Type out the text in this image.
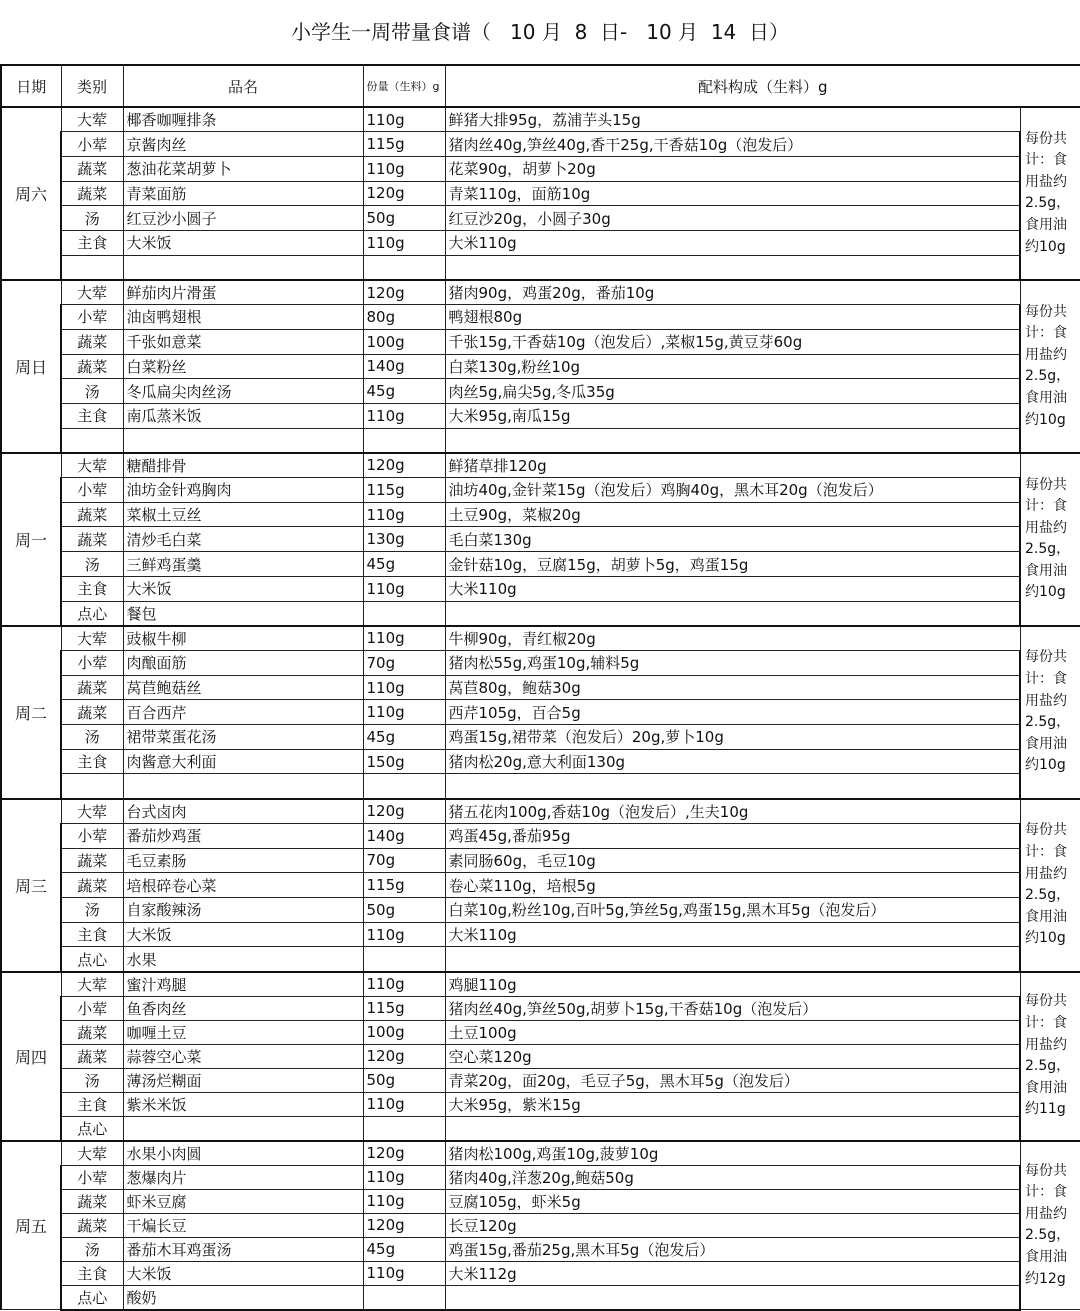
小学生一周带量食谱（   10 月  8  日-   10 月  14  日）
日期	类别	品名	份量（生料）g	配料构成（生料）g	
周六	大荤	椰香咖喱排条	110g	鲜猪大排95g，荔浦芋头15g	每份共计：食用盐约2.5g，食用油约10g
	小荤	京酱肉丝	115g	猪肉丝40g,笋丝40g,香干25g,干香菇10g（泡发后）	
	蔬菜	葱油花菜胡萝卜	110g	花菜90g，胡萝卜20g	
	蔬菜	青菜面筋	120g	青菜110g，面筋10g	
	汤	红豆沙小圆子	50g	红豆沙20g，小圆子30g	
	主食	大米饭	110g	大米110g	

周日	大荤	鲜茄肉片滑蛋	120g	猪肉90g，鸡蛋20g，番茄10g	每份共计：食用盐约2.5g，食用油约10g
	小荤	油卤鸭翅根	80g	鸭翅根80g	
	蔬菜	千张如意菜	100g	千张15g,干香菇10g（泡发后）,菜椒15g,黄豆芽60g	
	蔬菜	白菜粉丝	140g	白菜130g,粉丝10g	
	汤	冬瓜扁尖肉丝汤	45g	肉丝5g,扁尖5g,冬瓜35g	
	主食	南瓜蒸米饭	110g	大米95g,南瓜15g	

周一	大荤	糖醋排骨	120g	鲜猪草排120g	每份共计：食用盐约2.5g，食用油约10g
	小荤	油坊金针鸡胸肉	115g	油坊40g,金针菜15g（泡发后）鸡胸40g，黑木耳20g（泡发后）	
	蔬菜	菜椒土豆丝	110g	土豆90g，菜椒20g	
	蔬菜	清炒毛白菜	130g	毛白菜130g	
	汤	三鲜鸡蛋羹	45g	金针菇10g，豆腐15g，胡萝卜5g，鸡蛋15g	
	主食	大米饭	110g	大米110g	
	点心	餐包			
周二	大荤	豉椒牛柳	110g	牛柳90g，青红椒20g	每份共计：食用盐约2.5g，食用油约10g
	小荤	肉酿面筋	70g	猪肉松55g,鸡蛋10g,辅料5g	
	蔬菜	莴苣鲍菇丝	110g	莴苣80g，鲍菇30g	
	蔬菜	百合西芹	110g	西芹105g，百合5g	
	汤	裙带菜蛋花汤	45g	鸡蛋15g,裙带菜（泡发后）20g,萝卜10g	
	主食	肉酱意大利面	150g	猪肉松20g,意大利面130g	

周三	大荤	台式卤肉	120g	猪五花肉100g,香菇10g（泡发后）,生夫10g	每份共计：食用盐约2.5g，食用油约10g
	小荤	番茄炒鸡蛋	140g	鸡蛋45g,番茄95g	
	蔬菜	毛豆素肠	70g	素同肠60g，毛豆10g	
	蔬菜	培根碎卷心菜	115g	卷心菜110g，培根5g	
	汤	自家酸辣汤	50g	白菜10g,粉丝10g,百叶5g,笋丝5g,鸡蛋15g,黑木耳5g（泡发后）	
	主食	大米饭	110g	大米110g	
	点心	水果			
周四	大荤	蜜汁鸡腿	110g	鸡腿110g	每份共计：食用盐约2.5g，食用油约11g
	小荤	鱼香肉丝	115g	猪肉丝40g,笋丝50g,胡萝卜15g,干香菇10g（泡发后）	
	蔬菜	咖喱土豆	100g	土豆100g	
	蔬菜	蒜蓉空心菜	120g	空心菜120g	
	汤	薄汤烂糊面	50g	青菜20g，面20g，毛豆子5g，黑木耳5g（泡发后）	
	主食	紫米米饭	110g	大米95g，紫米15g	
	点心				
周五	大荤	水果小肉圆	120g	猪肉松100g,鸡蛋10g,菠萝10g	每份共计：食用盐约2.5g，食用油约12g
	小荤	葱爆肉片	110g	猪肉40g,洋葱20g,鲍菇50g	
	蔬菜	虾米豆腐	110g	豆腐105g，虾米5g	
	蔬菜	干煸长豆	120g	长豆120g	
	汤	番茄木耳鸡蛋汤	45g	鸡蛋15g,番茄25g,黑木耳5g（泡发后）	
	主食	大米饭	110g	大米112g	
	点心	酸奶			
